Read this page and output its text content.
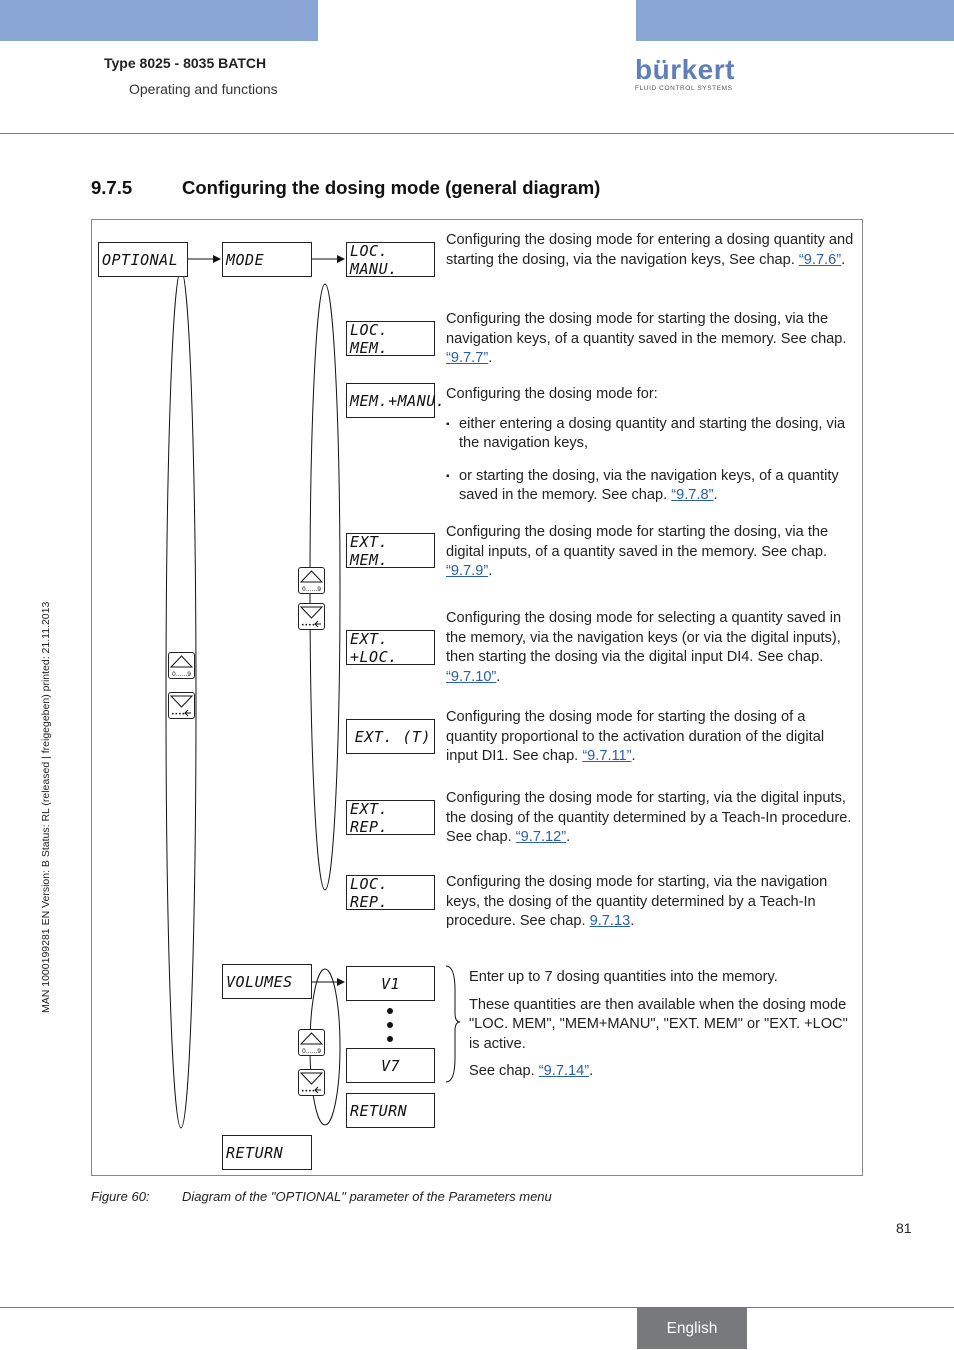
Type 8025 - 8035 BATCH
Operating and functions
bürkert
FLUID CONTROL SYSTEMS
9.7.5	Configuring the dosing mode (general diagram)
OPTIONAL	MODE
VOLUMES
RETURN
LOC. MANU.
LOC. MEM.
MEM.+MANU.
EXT. MEM.
EXT. +LOC.
EXT. (T)
EXT. REP.
LOC. REP.
V1
V7
RETURN
0......9
••••
0......9
••••
0......9
••••
Configuring the dosing mode for entering a dosing quantity and starting the dosing, via the navigation keys, See chap. “9.7.6”.
Configuring the dosing mode for starting the dosing, via the navigation keys, of a quantity saved in the memory. See chap. “9.7.7”.

Configuring the dosing mode for:

▪ either entering a dosing quantity and starting the dosing, via the navigation keys,

▪ or starting the dosing, via the navigation keys, of a quantity saved in the memory. See chap. “9.7.8”.

Configuring the dosing mode for starting the dosing, via the digital inputs, of a quantity saved in the memory. See chap. “9.7.9”.
Configuring the dosing mode for selecting a quantity saved in the memory, via the navigation keys (or via the digital inputs), then starting the dosing via the digital input DI4. See chap. “9.7.10”.
Configuring the dosing mode for starting the dosing of a quantity proportional to the activation duration of the digital input DI1. See chap. “9.7.11”.
Configuring the dosing mode for starting, via the digital inputs, the dosing of the quantity determined by a Teach-In procedure. See chap. “9.7.12”.
Configuring the dosing mode for starting, via the navigation keys, the dosing of the quantity determined by a Teach-In procedure. See chap. 9.7.13.

Enter up to 7 dosing quantities into the memory.

These quantities are then available when the dosing mode "LOC. MEM", "MEM+MANU", "EXT. MEM" or "EXT. +LOC" is active.

See chap. “9.7.14”.

Figure 60: Diagram of the "OPTIONAL" parameter of the Parameters menu
81
MAN 1000199281 EN Version: B Status: RL (released | freigegeben) printed: 21.11.2013
English
